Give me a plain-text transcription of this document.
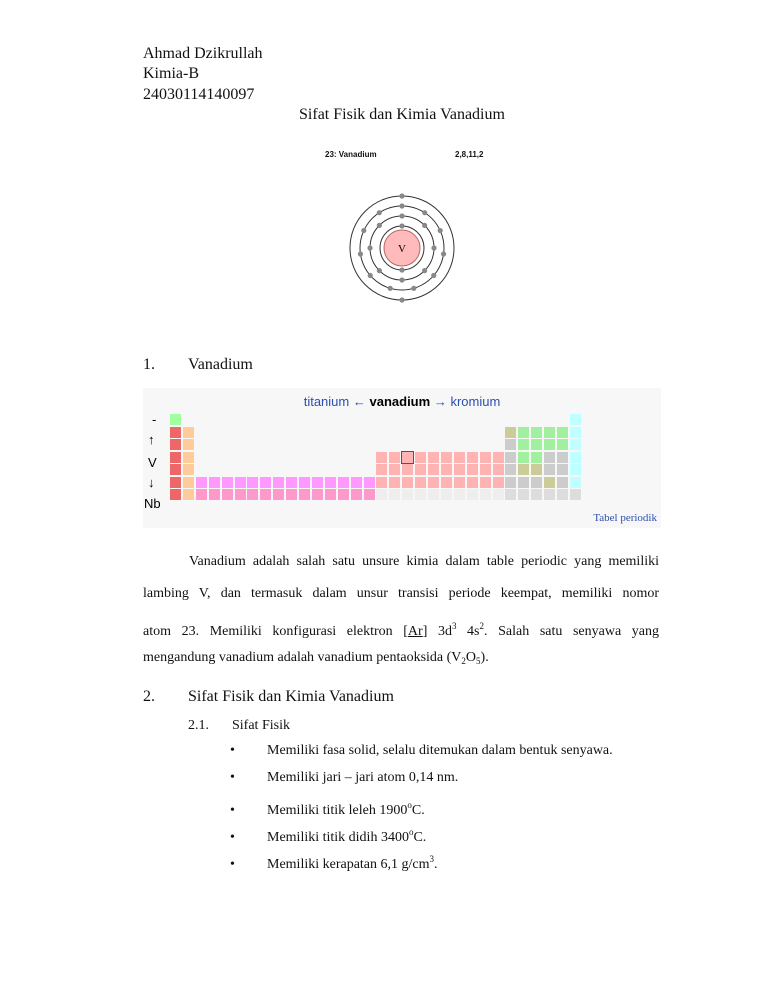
Ahmad Dzikrullah
Kimia-B
24030114140097
Sifat Fisik dan Kimia Vanadium
23: Vanadium	2,8,11,2
V
1. Vanadium
titanium ← vanadium → kromium
-
↑
V
↓
Nb
Tabel periodik
Vanadium adalah salah satu unsure kimia dalam table periodic yang memiliki
lambing V, dan termasuk dalam unsur transisi periode keempat, memiliki nomor
atom 23. Memiliki konfigurasi elektron [Ar] $3d^3$ $4s^2$. Salah satu senyawa yang
mengandung vanadium adalah vanadium pentaoksida $(V_2O_5)$.
2. Sifat Fisik dan Kimia Vanadium
2.1. Sifat Fisik
• Memiliki fasa solid, selalu ditemukan dalam bentuk senyawa.
• Memiliki jari – jari atom 0,14 nm.
• Memiliki titik leleh 1900$^o$C.
• Memiliki titik didih 3400$^o$C.
• Memiliki kerapatan 6,1 $g/cm^3$.
